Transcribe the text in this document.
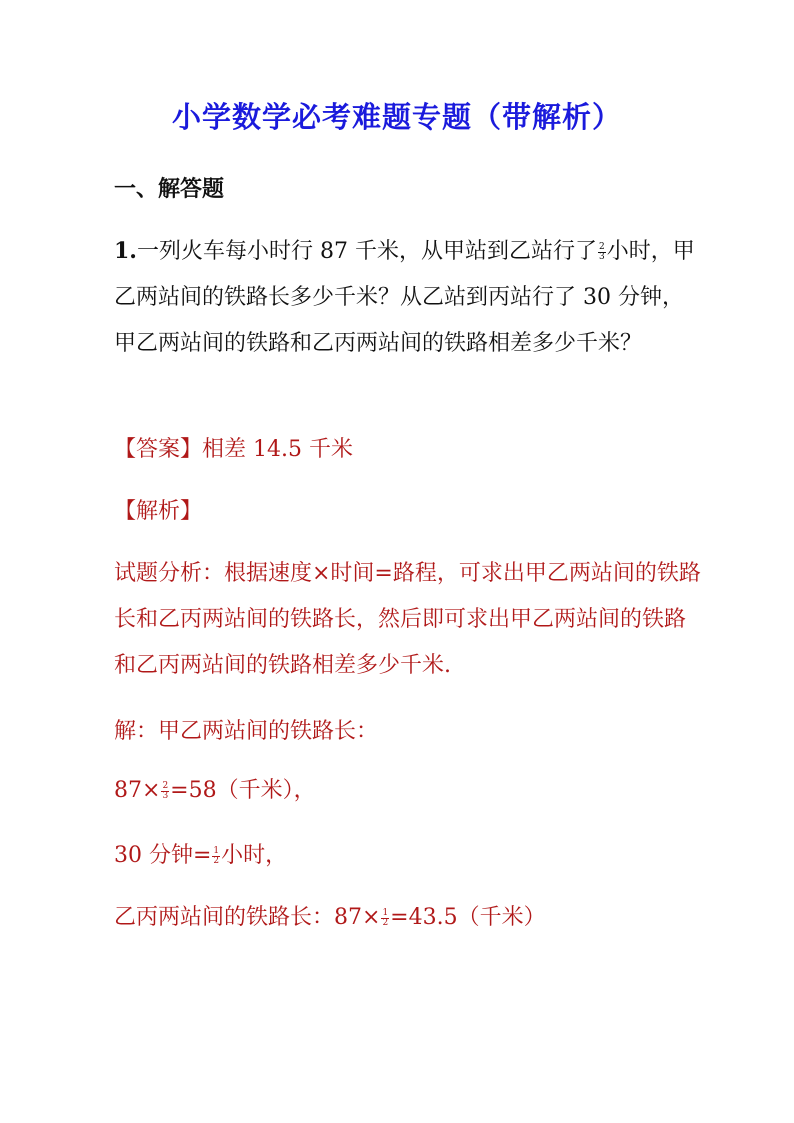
小学数学必考难题专题（带解析）
一、解答题
1.一列火车每小时行 87 千米，从甲站到乙站行了 $\frac{2}{3}$ 小时，甲乙两站间的铁路长多少千米？从乙站到丙站行了 30 分钟，甲乙两站间的铁路和乙丙两站间的铁路相差多少千米？
【答案】相差 14.5 千米
【解析】
试题分析：根据速度×时间=路程，可求出甲乙两站间的铁路长和乙丙两站间的铁路长，然后即可求出甲乙两站间的铁路和乙丙两站间的铁路相差多少千米.
解：甲乙两站间的铁路长：
$87\times \frac{2}{3} =58$（千米），
30 分钟= $\frac{1}{2}$ 小时，
乙丙两站间的铁路长：$87\times \frac{1}{2} =43.5$（千米）
